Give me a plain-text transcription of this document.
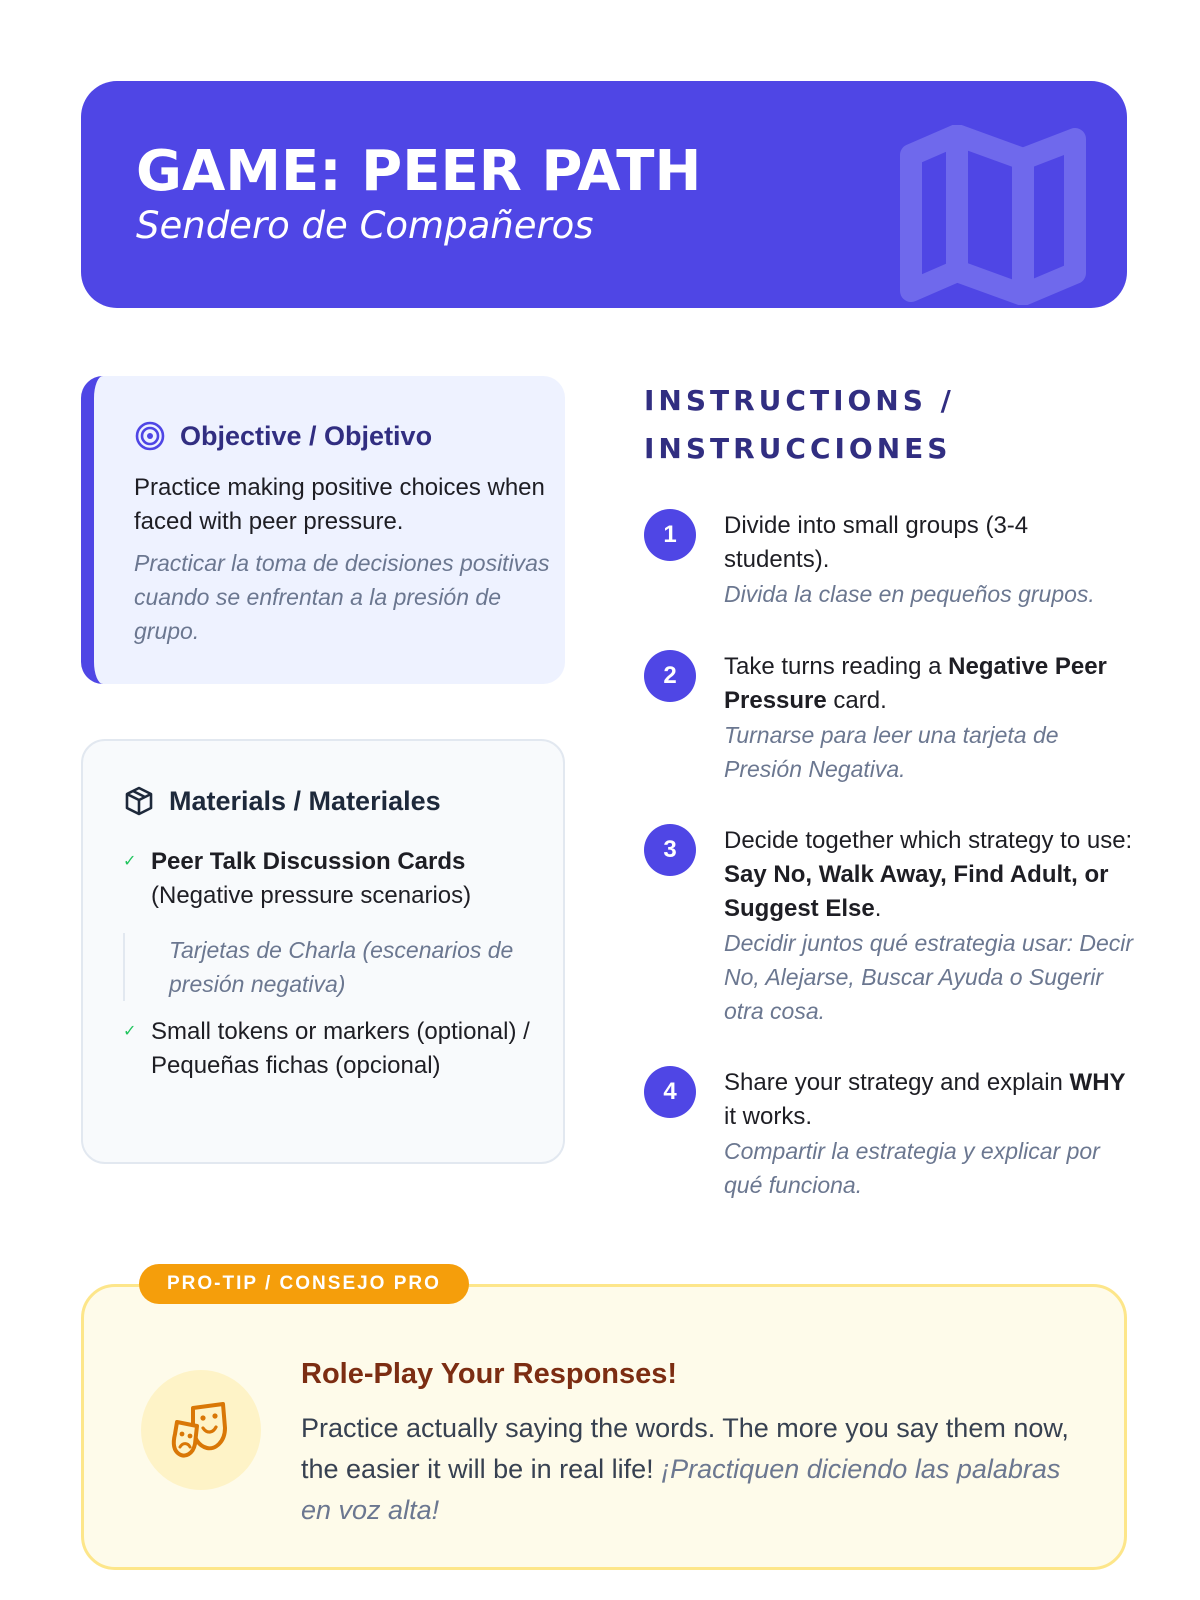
GAME: PEER PATH
Sendero de Compañeros
Objective / Objetivo
Practice making positive choices when faced with peer pressure.
Practicar la toma de decisiones positivas cuando se enfrentan a la presión de grupo.
Materials / Materiales
✓ Peer Talk Discussion Cards
(Negative pressure scenarios)
Tarjetas de Charla (escenarios de presión negativa)
✓ Small tokens or markers (optional) / Pequeñas fichas (opcional)
INSTRUCTIONS / INSTRUCCIONES
1	Divide into small groups (3-4 students).
Divida la clase en pequeños grupos.
2	Take turns reading a Negative Peer Pressure card.
Turnarse para leer una tarjeta de Presión Negativa.
3	Decide together which strategy to use: Say No, Walk Away, Find Adult, or Suggest Else.
Decidir juntos qué estrategia usar: Decir No, Alejarse, Buscar Ayuda o Sugerir otra cosa.
4	Share your strategy and explain WHY it works.
Compartir la estrategia y explicar por qué funciona.
Role-Play Your Responses!
Practice actually saying the words. The more you say them now, the easier it will be in real life! ¡Practiquen diciendo las palabras en voz alta!
PRO-TIP / CONSEJO PRO
